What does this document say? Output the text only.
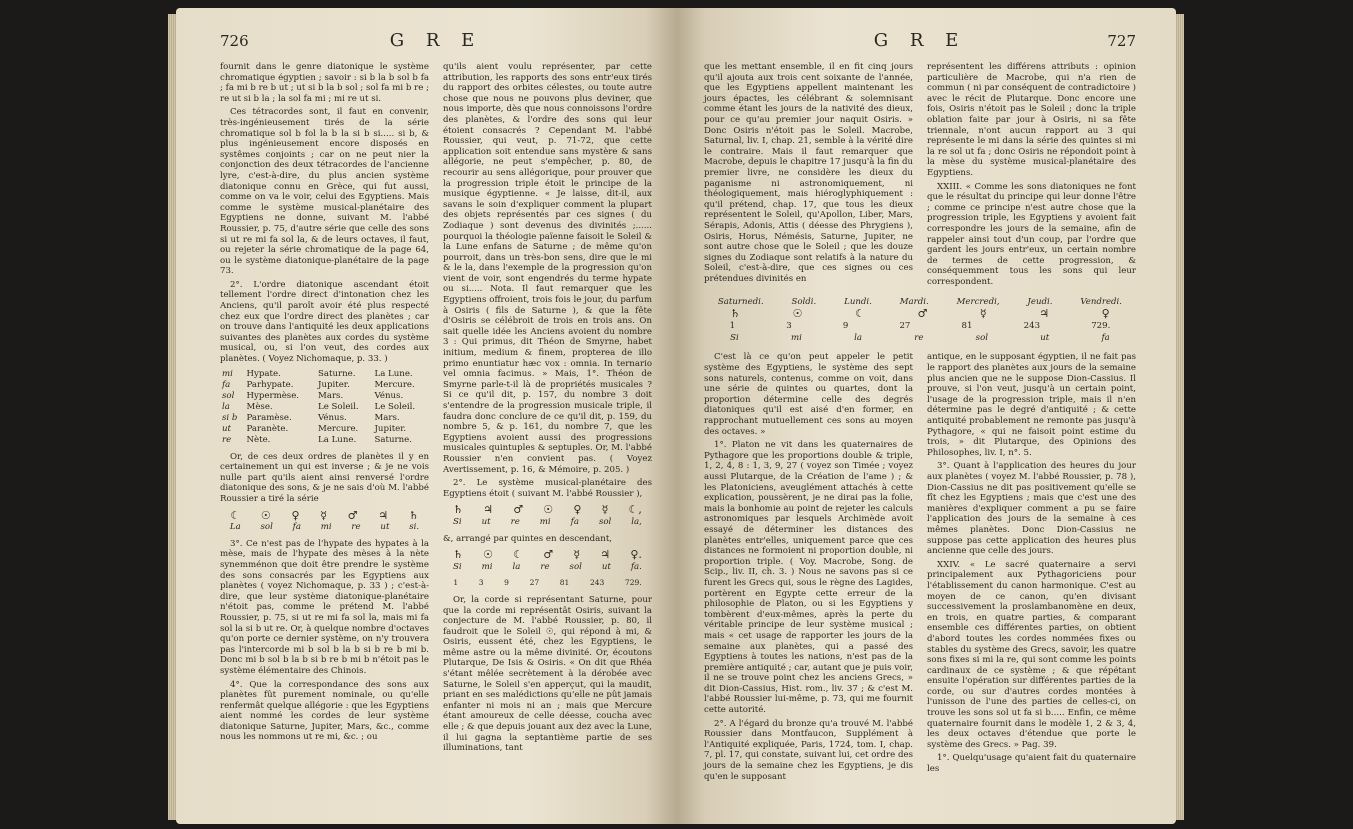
726	G R E

fournit dans le genre diatonique le système chromatique égyptien ; savoir : si b la b sol b fa ; fa mi b re b ut ; ut si b la b sol ; sol fa mi b re ; re ut si b la ; la sol fa mi ; mi re ut si.

Ces tétracordes sont, il faut en convenir, très-ingénieusement tirés de la série chromatique sol b fol la b la si b si..... si b, & plus ingénieusement encore disposés en systêmes conjoints ; car on ne peut nier la conjonction des deux tétracordes de l'ancienne lyre, c'est-à-dire, du plus ancien système diatonique connu en Grèce, qui fut aussi, comme on va le voir, celui des Egyptiens. Mais comme le système musical-planétaire des Egyptiens ne donne, suivant M. l'abbé Roussier, p. 75, d'autre série que celle des sons si ut re mi fa sol la, & de leurs octaves, il faut, ou rejeter la série chromatique de la page 64, ou le système diatonique-planétaire de la page 73.

2°. L'ordre diatonique ascendant étoit tellement l'ordre direct d'intonation chez les Anciens, qu'il paroît avoir été plus respecté chez eux que l'ordre direct des planètes ; car on trouve dans l'antiquité les deux applications suivantes des planètes aux cordes du système musical, ou, si l'on veut, des cordes aux planètes. ( Voyez Nichomaque, p. 33. )

mi	Hypate.	Saturne.	La Lune.
fa	Parhypate.	Jupiter.	Mercure.
sol	Hypermèse.	Mars.	Vénus.
la	Mèse.	Le Soleil.	Le Soleil.
si b	Paramèse.	Vénus.	Mars.
ut	Paranète.	Mercure.	Jupiter.
re	Nète.	La Lune.	Saturne.

Or, de ces deux ordres de planètes il y en certainement un qui est inverse ; & je ne vois nulle part qu'ils aient ainsi renversé l'ordre diatonique des sons, & je ne sais d'où M. l'abbé Roussier a tiré la série

☾ ☉ ♀ ☿ ♂ ♃ ♄
La sol fa mi re ut si.

3°. Ce n'est pas de l'hypate des hypates à la mèse, mais de l'hypate des mèses à la nète synemménon que doit être prendre le système des sons consacrés par les Egyptiens aux planètes ( voyez Nichomaque, p. 33 ) ; c'est-à-dire, que leur système diatonique-planétaire n'étoit pas, comme le prétend M. l'abbé Roussier, p. 75, si ut re mi fa sol la, mais mi fa sol la si b ut re. Or, à quelque nombre d'octaves qu'on porte ce dernier système, on n'y trouvera pas l'intercorde mi b sol b la b si b re b mi b. Donc mi b sol b la b si b re b mi b n'étoit pas le système élémentaire des Chinois.

4°. Que la correspondance des sons aux planètes fût purement nominale, ou qu'elle renfermât quelque allégorie : que les Egyptiens aient nommé les cordes de leur système diatonique Saturne, Jupiter, Mars, &c., comme nous les nommons ut re mi, &c. ; ou

qu'ils aient voulu représenter, par cette attribution, les rapports des sons entr'eux tirés du rapport des orbites célestes, ou toute autre chose que nous ne pouvons plus deviner, que nous importe, dès que nous connoissons l'ordre des planètes, & l'ordre des sons qui leur étoient consacrés ? Cependant M. l'abbé Roussier, qui veut, p. 71-72, que cette application soit entendue sans mystère & sans allégorie, ne peut s'empêcher, p. 80, de recourir au sens allégorique, pour prouver que la progression triple étoit le principe de la musique égyptienne. « Je laisse, dit-il, aux savans le soin d'expliquer comment la plupart des objets représentés par ces signes ( du Zodiaque ) sont devenus des divinités ;...... pourquoi la théologie païenne faisoit le Soleil & la Lune enfans de Saturne ; de même qu'on pourroit, dans un très-bon sens, dire que le mi & le la, dans l'exemple de la progression qu'on vient de voir, sont engendrés du terme hypate ou si..... Nota. Il faut remarquer que les Egyptiens offroient, trois fois le jour, du parfum à Osiris ( fils de Saturne ), & que la fête d'Osiris se célébroit de trois en trois ans. On sait quelle idée les Anciens avoient du nombre 3 : Qui primus, dit Théon de Smyrne, habet initium, medium & finem, propterea de illo primo enuntiatur hæc vox : omnia. In ternario vel omnia facimus. » Mais, 1°. Théon de Smyrne parle-t-il là de propriétés musicales ? Si ce qu'il dit, p. 157, du nombre 3 doit s'entendre de la progression musicale triple, il faudra donc conclure de ce qu'il dit, p. 159, du nombre 5, & p. 161, du nombre 7, que les Egyptiens avoient aussi des progressions musicales quintuples & septuples. Or, M. l'abbé Roussier n'en convient pas. ( Voyez Avertissement, p. 16, & Mémoire, p. 205. )

2°. Le système musical-planétaire des Egyptiens étoit ( suivant M. l'abbé Roussier ),

♄ ♃ ♂ ☉ ♀ ☿ ☾,
Si ut re mi fa sol la,

&, arrangé par quintes en descendant,

♄ ☉ ☾ ♂ ☿ ♃ ♀.
Si mi la re sol ut fa.
1	3	9	27	81	243	729.

Or, la corde si représentant Saturne, pour que la corde mi représentât Osiris, suivant la conjecture de M. l'abbé Roussier, p. 80, il faudroit que le Soleil ☉, qui répond à mi, & Osiris, eussent été, chez les Egyptiens, le même astre ou la même divinité. Or, écoutons Plutarque, De Isis & Osiris. « On dit que Rhéa s'étant mêlée secrètement à la dérobée avec Saturne, le Soleil s'en apperçut, qui la maudit, priant en ses malédictions qu'elle ne pût jamais enfanter ni mois ni an ; mais que Mercure étant amoureux de celle déesse, coucha avec elle ; & que depuis jouant aux dez avec la Lune, il lui gagna la septantième partie de ses illuminations, tant

G R E	727

que les mettant ensemble, il en fit cinq jours qu'il ajouta aux trois cent soixante de l'année, que les Egyptiens appellent maintenant les jours épactes, les célébrant & solemnisant comme étant les jours de la nativité des dieux, pour ce qu'au premier jour naquit Osiris. » Donc Osiris n'étoit pas le Soleil. Macrobe, Saturnal, liv. I, chap. 21, semble à la vérité dire le contraire. Mais il faut remarquer que Macrobe, depuis le chapitre 17 jusqu'à la fin du premier livre, ne considère les dieux du paganisme ni astronomiquement, ni théologiquement, mais hiéroglyphiquement : qu'il prétend, chap. 17, que tous les dieux représentent le Soleil, qu'Apollon, Liber, Mars, Sérapis, Adonis, Attis ( déesse des Phrygiens ), Osiris, Horus, Némésis, Saturne, Jupiter, ne sont autre chose que le Soleil ; que les douze signes du Zodiaque sont relatifs à la nature du Soleil, c'est-à-dire, que ces signes ou ces prétendues divinités en

représentent les différens attributs : opinion particulière de Macrobe, qui n'a rien de commun ( ni par conséquent de contradictoire ) avec le récit de Plutarque. Donc encore une fois, Osiris n'étoit pas le Soleil ; donc la triple oblation faite par jour à Osiris, ni sa fête triennale, n'ont aucun rapport au 3 qui représente le mi dans la série des quintes si mi la re sol ut fa ; donc Osiris ne répondoit point à la mèse du système musical-planétaire des Egyptiens.

XXIII. « Comme les sons diatoniques ne font que le résultat du principe qui leur donne l'être ; comme ce principe n'est autre chose que la progression triple, les Egyptiens y avoient fait correspondre les jours de la semaine, afin de rappeler ainsi tout d'un coup, par l'ordre que gardent les jours entr'eux, un certain nombre de termes de cette progression, & conséquemment tous les sons qui leur correspondent.

Saturnedi.	Soldi.	Lundi.	Mardi.	Mercredi,	Jeudi.	Vendredi.
♄	☉	☾	♂	☿	♃	♀
1	3	9	27	81	243	729.
Si	mi	la	re	sol	ut	fa

C'est là ce qu'on peut appeler le petit système des Egyptiens, le système des sept sons naturels, contenus, comme on voit, dans une série de quintes ou quartes, dont la proportion détermine celle des degrés diatoniques qu'il est aisé d'en former, en rapprochant mutuellement ces sons au moyen des octaves. »

1°. Platon ne vit dans les quaternaires de Pythagore que les proportions double & triple, 1, 2, 4, 8 : 1, 3, 9, 27 ( voyez son Timée ; voyez aussi Plutarque, de la Création de l'ame ) ; & les Platoniciens, aveuglément attachés à cette explication, poussèrent, je ne dirai pas la folie, mais la bonhomie au point de rejeter les calculs astronomiques par lesquels Archimède avoit essayé de déterminer les distances des planètes entr'elles, uniquement parce que ces distances ne formoient ni proportion double, ni proportion triple. ( Voy. Macrobe, Song. de Scip., liv. II, ch. 3. ) Nous ne savons pas si ce furent les Grecs qui, sous le règne des Lagides, portèrent en Egypte cette erreur de la philosophie de Platon, ou si les Egyptiens y tombèrent d'eux-mêmes, après la perte du véritable principe de leur système musical ; mais « cet usage de rapporter les jours de la semaine aux planètes, qui a passé des Egyptiens à toutes les nations, n'est pas de la première antiquité ; car, autant que je puis voir, il ne se trouve point chez les anciens Grecs, » dit Dion-Cassius, Hist. rom., liv. 37 ; & c'est M. l'abbé Roussier lui-même, p. 73, qui me fournit cette autorité.

2°. A l'égard du bronze qu'a trouvé M. l'abbé Roussier dans Montfaucon, Supplément à l'Antiquité expliquée, Paris, 1724, tom. I, chap. 7, pl. 17, qui constate, suivant lui, cet ordre des jours de la semaine chez les Egyptiens, je dis qu'en le supposant

antique, en le supposant égyptien, il ne fait pas le rapport des planètes aux jours de la semaine plus ancien que ne le suppose Dion-Cassius. Il prouve, si l'on veut, jusqu'à un certain point, l'usage de la progression triple, mais il n'en détermine pas le degré d'antiquité ; & cette antiquité probablement ne remonte pas jusqu'à Pythagore, « qui ne faisoit point estime du trois, » dit Plutarque, des Opinions des Philosophes, liv. I, n°. 5.

3°. Quant à l'application des heures du jour aux planètes ( voyez M. l'abbé Roussier, p. 78 ), Dion-Cassius ne dit pas positivement qu'elle se fît chez les Egyptiens ; mais que c'est une des manières d'expliquer comment a pu se faire l'application des jours de la semaine à ces mêmes planètes. Donc Dion-Cassius ne suppose pas cette application des heures plus ancienne que celle des jours.

XXIV. « Le sacré quaternaire a servi principalement aux Pythagoriciens pour l'établissement du canon harmonique. C'est au moyen de ce canon, qu'en divisant successivement la proslambanomène en deux, en trois, en quatre parties, & comparant ensemble ces différentes parties, on obtient d'abord toutes les cordes nommées fixes ou stables du système des Grecs, savoir, les quatre sons fixes si mi la re, qui sont comme les points cardinaux de ce système ; & que répétant ensuite l'opération sur différentes parties de la corde, ou sur d'autres cordes montées à l'unisson de l'une des parties de celles-ci, on trouve les sons sol ut fa si b..... Enfin, ce même quaternaire fournit dans le modèle 1, 2 & 3, 4, les deux octaves d'étendue que porte le système des Grecs. » Pag. 39.

1°. Quelqu'usage qu'aient fait du quaternaire les
